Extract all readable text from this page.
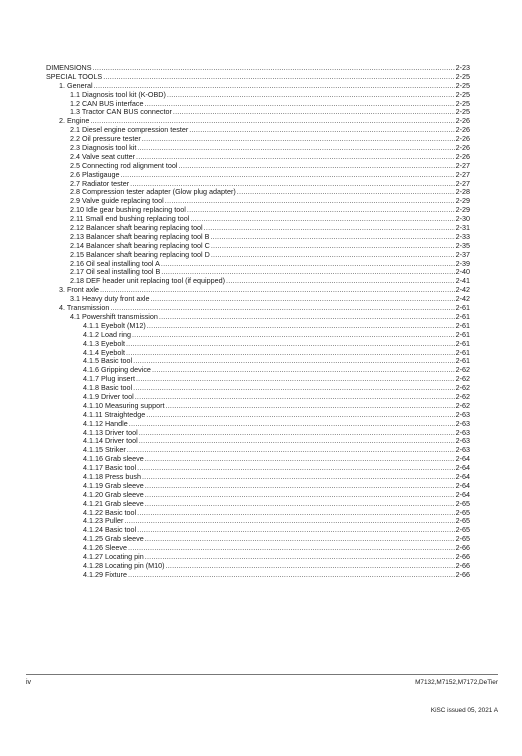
DIMENSIONS .....	2-23
SPECIAL TOOLS .....	2-25
1. General .....	2-25
1.1 Diagnosis tool kit (K-OBD) .....	2-25
1.2 CAN BUS interface .....	2-25
1.3 Tractor CAN BUS connector .....	2-25
2. Engine .....	2-26
2.1 Diesel engine compression tester .....	2-26
2.2 Oil pressure tester .....	2-26
2.3 Diagnosis tool kit .....	2-26
2.4 Valve seat cutter .....	2-26
2.5 Connecting rod alignment tool .....	2-27
2.6 Plastigauge .....	2-27
2.7 Radiator tester .....	2-27
2.8 Compression tester adapter (Glow plug adapter) .....	2-28
2.9 Valve guide replacing tool .....	2-29
2.10 Idle gear bushing replacing tool .....	2-29
2.11 Small end bushing replacing tool .....	2-30
2.12 Balancer shaft bearing replacing tool .....	2-31
2.13 Balancer shaft bearing replacing tool B .....	2-33
2.14 Balancer shaft bearing replacing tool C .....	2-35
2.15 Balancer shaft bearing replacing tool D .....	2-37
2.16 Oil seal installing tool A .....	2-39
2.17 Oil seal installing tool B .....	2-40
2.18 DEF header unit replacing tool (if equipped) .....	2-41
3. Front axle .....	2-42
3.1 Heavy duty front axle .....	2-42
4. Transmission .....	2-61
4.1 Powershift transmission .....	2-61
4.1.1 Eyebolt (M12) .....	2-61
4.1.2 Load ring .....	2-61
4.1.3 Eyebolt .....	2-61
4.1.4 Eyebolt .....	2-61
4.1.5 Basic tool .....	2-61
4.1.6 Gripping device .....	2-62
4.1.7 Plug insert .....	2-62
4.1.8 Basic tool .....	2-62
4.1.9 Driver tool .....	2-62
4.1.10 Measuring support .....	2-62
4.1.11 Straightedge .....	2-63
4.1.12 Handle .....	2-63
4.1.13 Driver tool .....	2-63
4.1.14 Driver tool .....	2-63
4.1.15 Striker .....	2-63
4.1.16 Grab sleeve .....	2-64
4.1.17 Basic tool .....	2-64
4.1.18 Press bush .....	2-64
4.1.19 Grab sleeve .....	2-64
4.1.20 Grab sleeve .....	2-64
4.1.21 Grab sleeve .....	2-65
4.1.22 Basic tool .....	2-65
4.1.23 Puller .....	2-65
4.1.24 Basic tool .....	2-65
4.1.25 Grab sleeve .....	2-65
4.1.26 Sleeve .....	2-66
4.1.27 Locating pin .....	2-66
4.1.28 Locating pin (M10) .....	2-66
4.1.29 Fixture .....	2-66
iv	M7132,M7152,M7172,DeTier
KiSC issued 05, 2021 A
